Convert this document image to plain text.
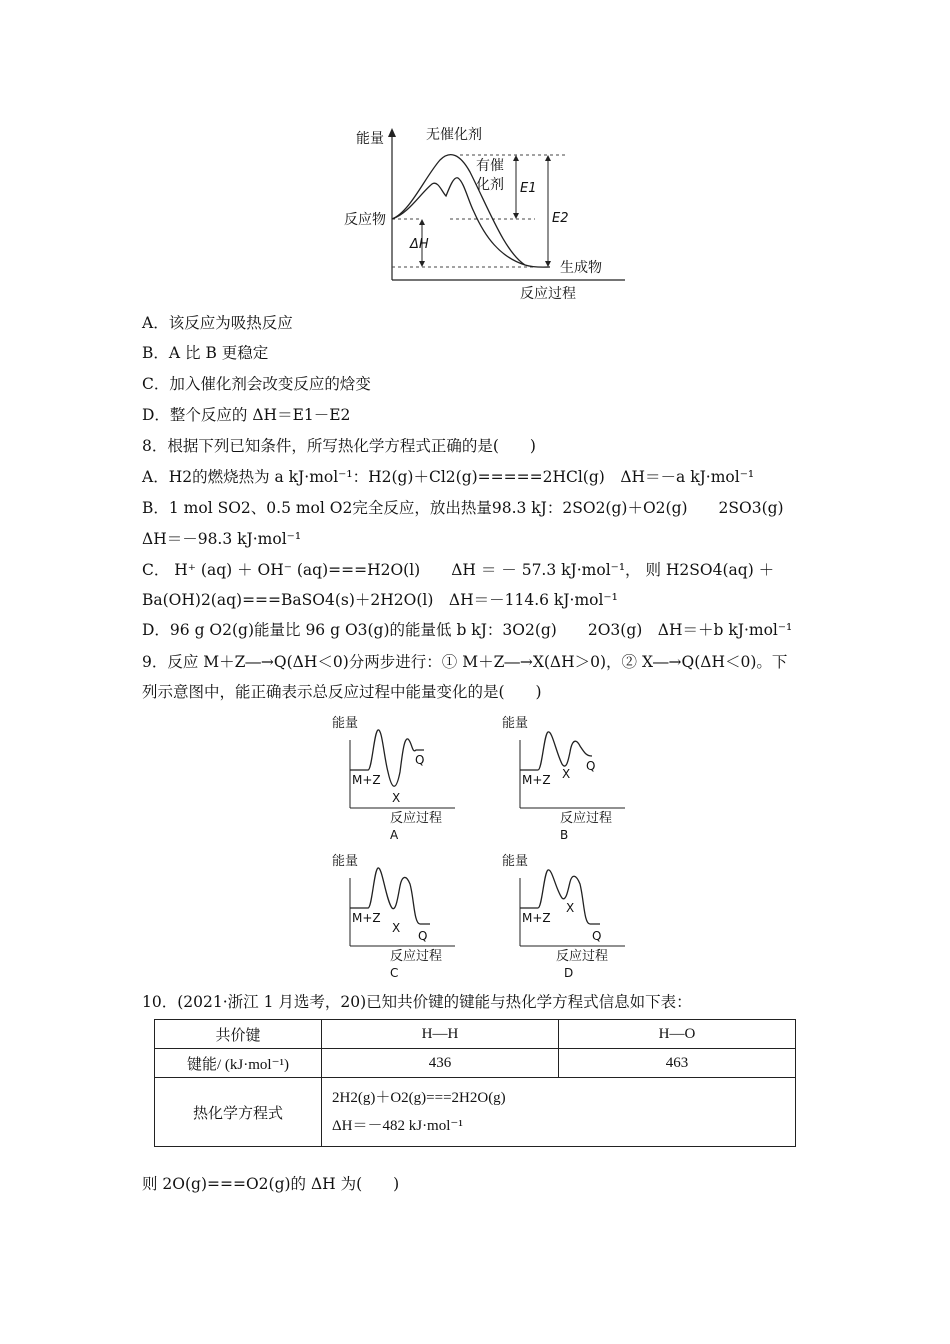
能量
反应物
生成物
反应过程
无催化剂
有催
化剂
ΔH
E1
E2
A．该反应为吸热反应
B．A 比 B 更稳定
C．加入催化剂会改变反应的焓变
D．整个反应的 ΔH＝E1－E2
8．根据下列已知条件，所写热化学方程式正确的是(　　)
A．H2的燃烧热为 a kJ·mol⁻¹：H2(g)＋Cl2(g)=====2HCl(g)　ΔH＝－a kJ·mol⁻¹
B．1 mol SO2、0.5 mol O2完全反应，放出热量98.3 kJ：2SO2(g)＋O2(g)　　2SO3(g)
ΔH＝－98.3 kJ·mol⁻¹
C． H⁺ (aq) ＋ OH⁻ (aq)===H2O(l)　　ΔH ＝ － 57.3 kJ·mol⁻¹， 则 H2SO4(aq) ＋
Ba(OH)2(aq)===BaSO4(s)＋2H2O(l)　ΔH＝－114.6 kJ·mol⁻¹
D．96 g O2(g)能量比 96 g O3(g)的能量低 b kJ：3O2(g)　　2O3(g)　ΔH＝＋b kJ·mol⁻¹
9．反应 M＋Z―→Q(ΔH＜0)分两步进行：① M＋Z―→X(ΔH＞0)，② X―→Q(ΔH＜0)。下
列示意图中，能正确表示总反应过程中能量变化的是(　　)
能量
M+Z
X
Q
反应过程
A
能量
M+Z X
Q
反应过程
B
能量
M+Z
X
Q
反应过程
C
能量
M+Z
X
Q
反应过程
D
10．(2021·浙江 1 月选考，20)已知共价键的键能与热化学方程式信息如下表：
共价键	H—H	H—O
键能/ (kJ·mol⁻¹)	436	463
热化学方程式	2H2(g)＋O2(g)===2H2O(g)
ΔH＝－482 kJ·mol⁻¹	
则 2O(g)===O2(g)的 ΔH 为(　　)
